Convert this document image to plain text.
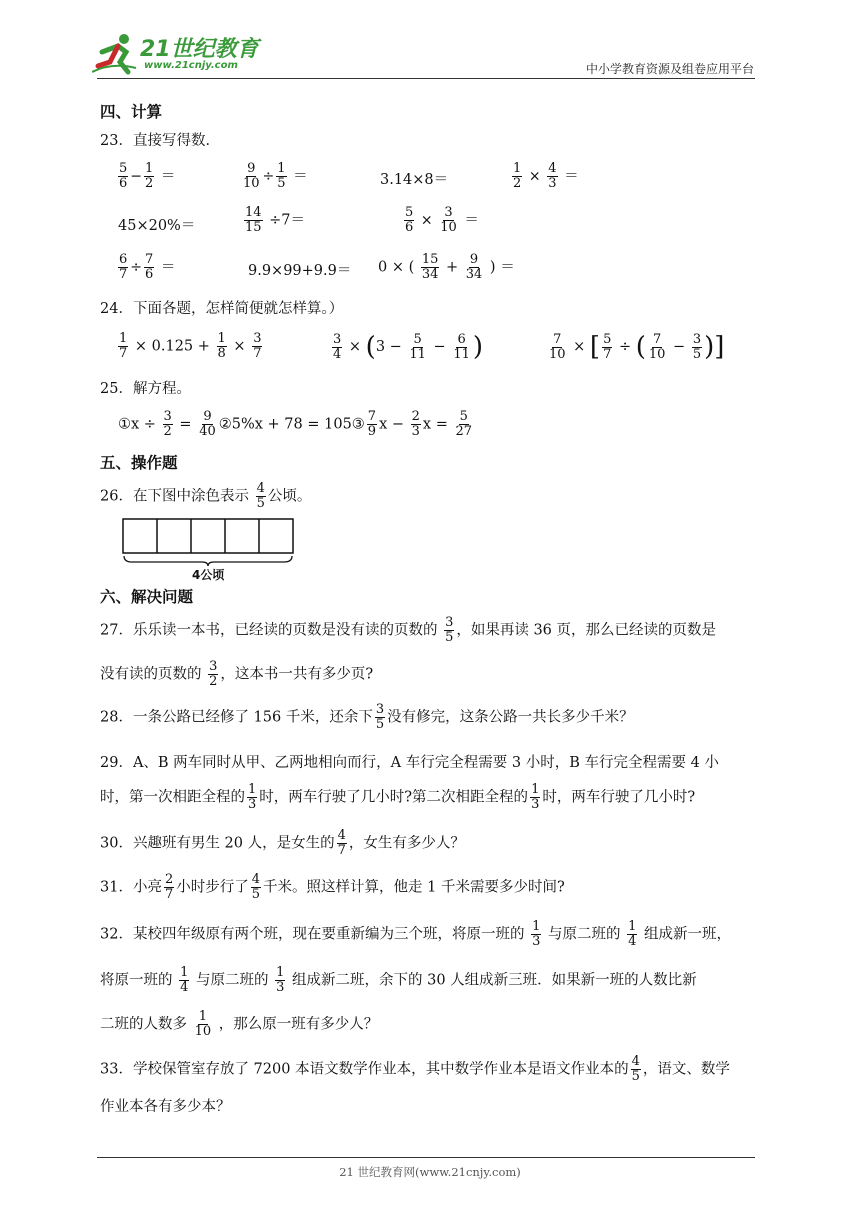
21世纪教育
www.21cnjy.com	中小学教育资源及组卷应用平台
四、计算
23．直接写得数．
$\frac{5}{6} - \frac{1}{2}$ ＝	$\frac{9}{10} \div \frac{1}{5}$ ＝	3.14×8＝	$\frac{1}{2} \times \frac{4}{3}$ ＝
45×20%＝	$\frac{14}{15} \div 7=$	$\frac{5}{6} \times \frac{3}{10}$ ＝
$\frac{6}{7} \div \frac{7}{6}$ ＝	9.9×99+9.9＝ 0 × ( $\frac{15}{34} + \frac{9}{34}$ ) ＝
24．下面各题，怎样简便就怎样算。）
$\frac{1}{7} \times 0.125 + \frac{1}{8} \times \frac{3}{7}$	$\frac{3}{4} \times (3 - \frac{5}{11} - \frac{6}{11}$ )	$\frac{7}{10}$ × [ $\frac{5}{7}$ ÷ ( $\frac{7}{10} - \frac{3}{5}$ )]
25．解方程。
①x ÷ $\frac{3}{2} = \frac{9}{40}$ ②5%x + 78 = 105③ $\frac{7}{9}$ $x - \frac{2}{3}$ $x = \frac{5}{27}$
五、操作题
26．在下图中涂色表示 $\frac{4}{5}$ 公顷。
4公顷
六、解决问题
27．乐乐读一本书，已经读的页数是没有读的页数的 $\frac{3}{5}$ ，如果再读 36 页，那么已经读的页数是
没有读的页数的 $\frac{3}{2}$ ，这本书一共有多少页?
28．一条公路已经修了 156 千米，还余下 $\frac{3}{5}$ 没有修完，这条公路一共长多少千米？
29．A、B 两车同时从甲、乙两地相向而行，A 车行完全程需要 3 小时，B 车行完全程需要 4 小
时，第一次相距全程的 $\frac{1}{3}$ 时，两车行驶了几小时?第二次相距全程的 $\frac{1}{3}$ 时，两车行驶了几小时?
30．兴趣班有男生 20 人，是女生的 $\frac{4}{7}$ ，女生有多少人？
31．小亮 $\frac{2}{7}$ 小时步行了 $\frac{4}{5}$ 千米。照这样计算，他走 1 千米需要多少时间?
32．某校四年级原有两个班，现在要重新编为三个班，将原一班的 $\frac{1}{3}$ 与原二班的 $\frac{1}{4}$ 组成新一班，
将原一班的 $\frac{1}{4}$ 与原二班的 $\frac{1}{3}$ 组成新二班，余下的 30 人组成新三班．如果新一班的人数比新
二班的人数多 $\frac{1}{10}$ ，那么原一班有多少人？
33．学校保管室存放了 7200 本语文数学作业本，其中数学作业本是语文作业本的 $\frac{4}{5}$ ，语文、数学
作业本各有多少本？
21 世纪教育网(www.21cnjy.com)
